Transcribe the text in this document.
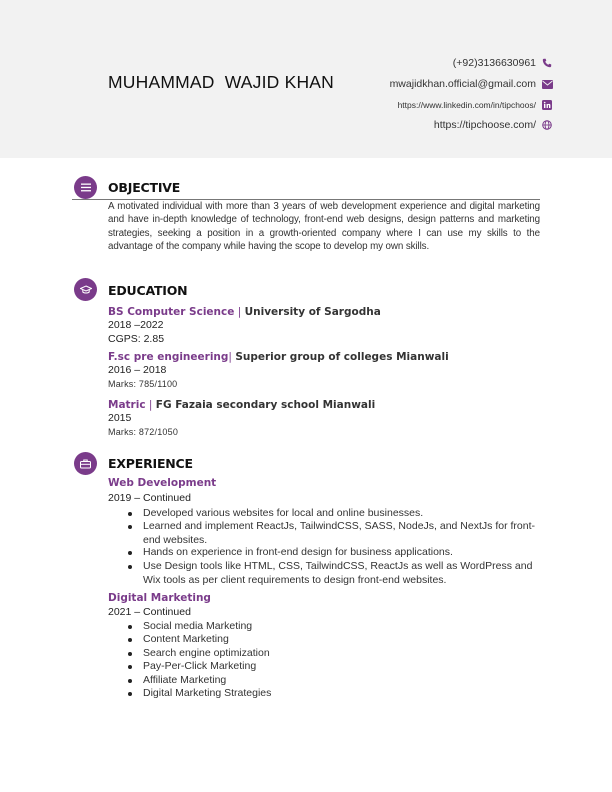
MUHAMMAD  WAJID KHAN
(+92)3136630961
mwajidkhan.official@gmail.com
https://www.linkedin.com/in/tipchoos/
https://tipchoose.com/
OBJECTIVE
A motivated individual with more than 3 years of web development experience and digital marketing and have in-depth knowledge of technology, front-end web designs, design patterns and marketing strategies, seeking a position in a growth-oriented company where I can use my skills to the advantage of the company while having the scope to develop my own skills.
EDUCATION
BS Computer Science | University of Sargodha
2018 –2022
CGPS: 2.85
F.sc pre engineering| Superior group of colleges Mianwali
2016 – 2018
Marks: 785/1100
Matric | FG Fazaia secondary school Mianwali
2015
Marks: 872/1050
EXPERIENCE
Web Development
2019 – Continued
Developed various websites for local and online businesses.
Learned and implement ReactJs, TailwindCSS, SASS, NodeJs, and NextJs for front-end websites.
Hands on experience in front-end design for business applications.
Use Design tools like HTML, CSS, TailwindCSS, ReactJs as well as WordPress and Wix tools as per client requirements to design front-end websites.
Digital Marketing
2021 – Continued
Social media Marketing
Content Marketing
Search engine optimization
Pay-Per-Click Marketing
Affiliate Marketing
Digital Marketing Strategies
